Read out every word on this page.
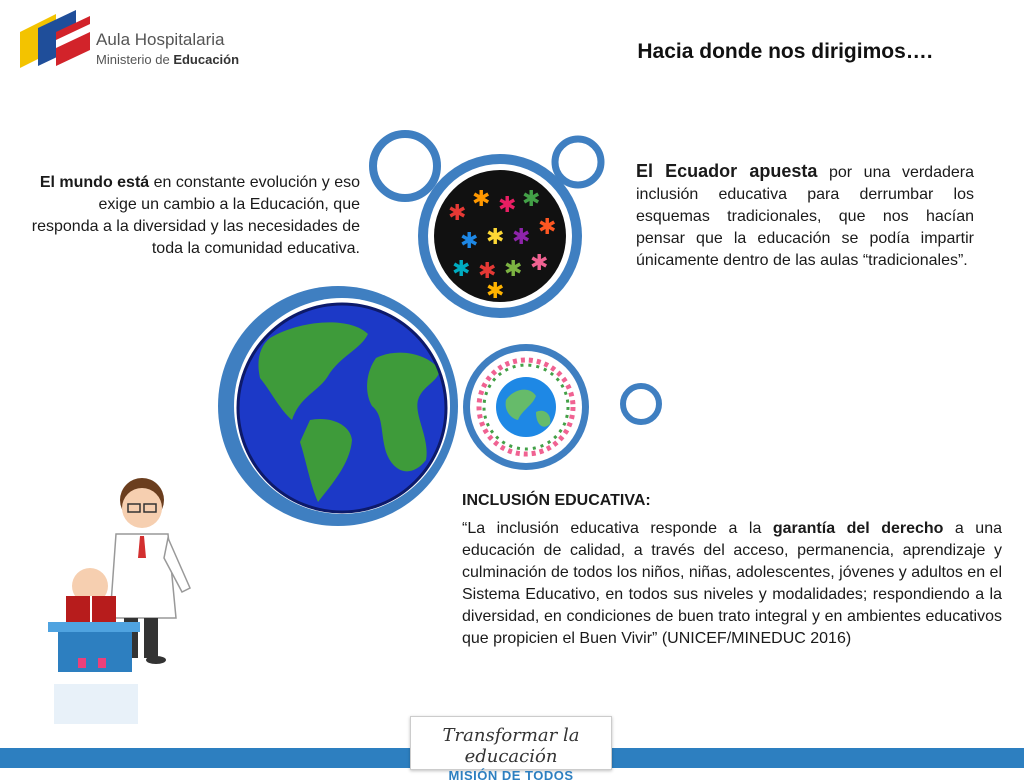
Aula Hospitalaria
Ministerio de Educación	Hacia donde nos dirigimos….
El mundo está en constante evolución y eso exige un cambio a la Educación, que responda a la diversidad y las necesidades de toda la comunidad educativa.
El Ecuador apuesta por una verdadera inclusión educativa para derrumbar los esquemas tradicionales, que nos hacían pensar que la educación se podía impartir únicamente dentro de las aulas “tradicionales”.
✱
✱ ✱ ✱
✱ ✱ ✱ ✱
✱ ✱ ✱ ✱
✱
INCLUSIÓN EDUCATIVA:
“La inclusión educativa responde a la garantía del derecho a una educación de calidad, a través del acceso, permanencia, aprendizaje y culminación de todos los niños, niñas, adolescentes, jóvenes y adultos en el Sistema Educativo, en todos sus niveles y modalidades; respondiendo a la diversidad, en condiciones de buen trato integral y en ambientes educativos que propicien el Buen Vivir” (UNICEF/MINEDUC 2016)
Transformar la educación
MISIÓN DE TODOS
